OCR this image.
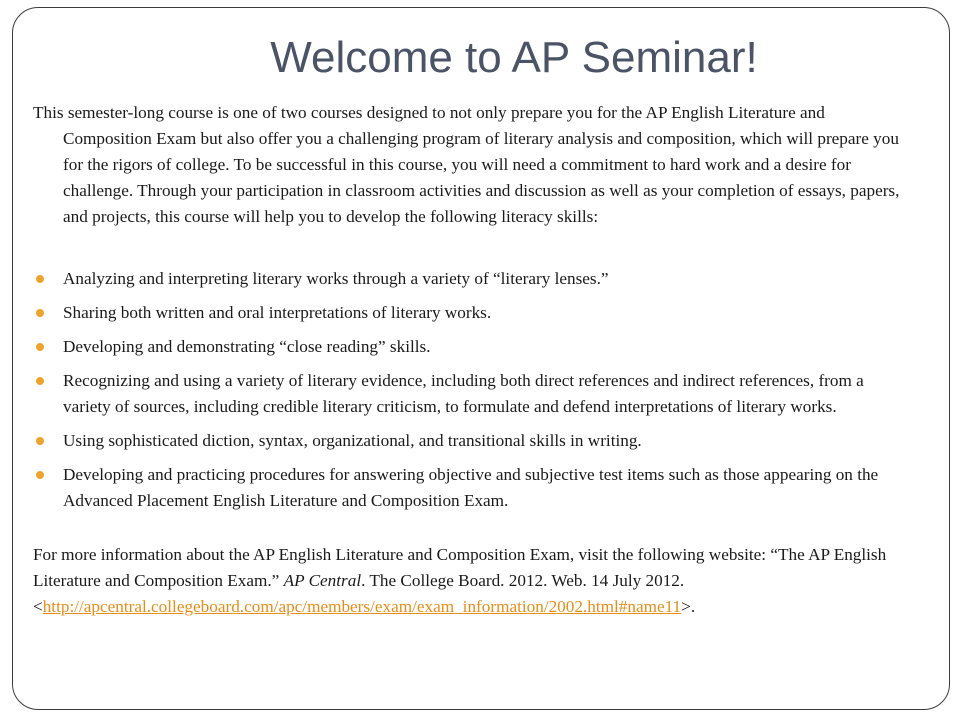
Welcome to AP Seminar!

This semester-long course is one of two courses designed to not only prepare you for the AP English Literature and Composition Exam but also offer you a challenging program of literary analysis and composition, which will prepare you for the rigors of college. To be successful in this course, you will need a commitment to hard work and a desire for challenge. Through your participation in classroom activities and discussion as well as your completion of essays, papers, and projects, this course will help you to develop the following literacy skills:

Analyzing and interpreting literary works through a variety of “literary lenses.”
Sharing both written and oral interpretations of literary works.
Developing and demonstrating “close reading” skills.
Recognizing and using a variety of literary evidence, including both direct references and indirect references, from a variety of sources, including credible literary criticism, to formulate and defend interpretations of literary works.
Using sophisticated diction, syntax, organizational, and transitional skills in writing.
Developing and practicing procedures for answering objective and subjective test items such as those appearing on the Advanced Placement English Literature and Composition Exam.

For more information about the AP English Literature and Composition Exam, visit the following website: “The AP English Literature and Composition Exam.” AP Central. The College Board. 2012. Web. 14 July 2012. <http://apcentral.collegeboard.com/apc/members/exam/exam_information/2002.html#name11>.
